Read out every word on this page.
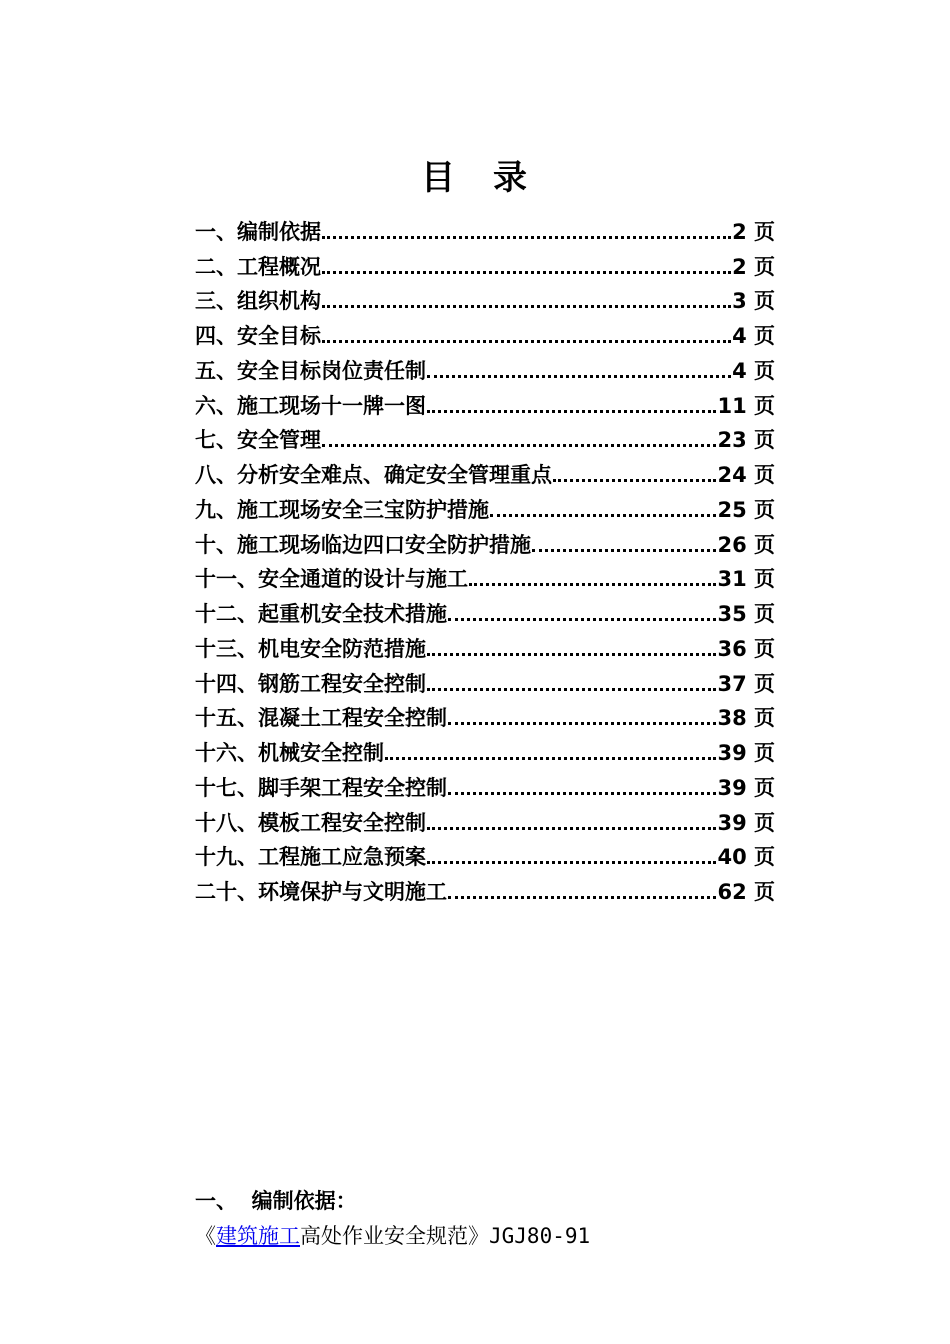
目　录
一、编制依据	2 页
二、工程概况	2 页
三、组织机构	3 页
四、安全目标	4 页
五、安全目标岗位责任制	4 页
六、施工现场十一牌一图	11 页
七、安全管理	23 页
八、分析安全难点、确定安全管理重点	24 页
九、施工现场安全三宝防护措施	25 页
十、施工现场临边四口安全防护措施	26 页
十一、安全通道的设计与施工	31 页
十二、起重机安全技术措施	35 页
十三、机电安全防范措施	36 页
十四、钢筋工程安全控制	37 页
十五、混凝土工程安全控制	38 页
十六、机械安全控制	39 页
十七、脚手架工程安全控制	39 页
十八、模板工程安全控制	39 页
十九、工程施工应急预案	40 页
二十、环境保护与文明施工	62 页
一、  编制依据：
《建筑施工高处作业安全规范》JGJ80-91
